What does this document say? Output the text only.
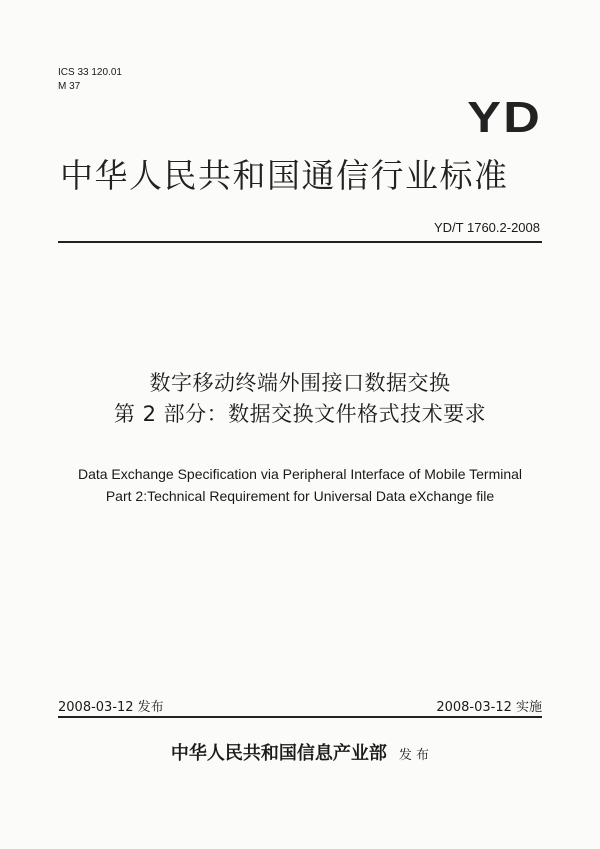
ICS 33 120.01
M 37
YD
中华人民共和国通信行业标准
YD/T 1760.2-2008
数字移动终端外围接口数据交换
第 2 部分：数据交换文件格式技术要求
Data Exchange Specification via Peripheral Interface of Mobile Terminal
Part 2:Technical Requirement for Universal Data eXchange file
2008-03-12 发布	2008-03-12 实施
中华人民共和国信息产业部 发 布
